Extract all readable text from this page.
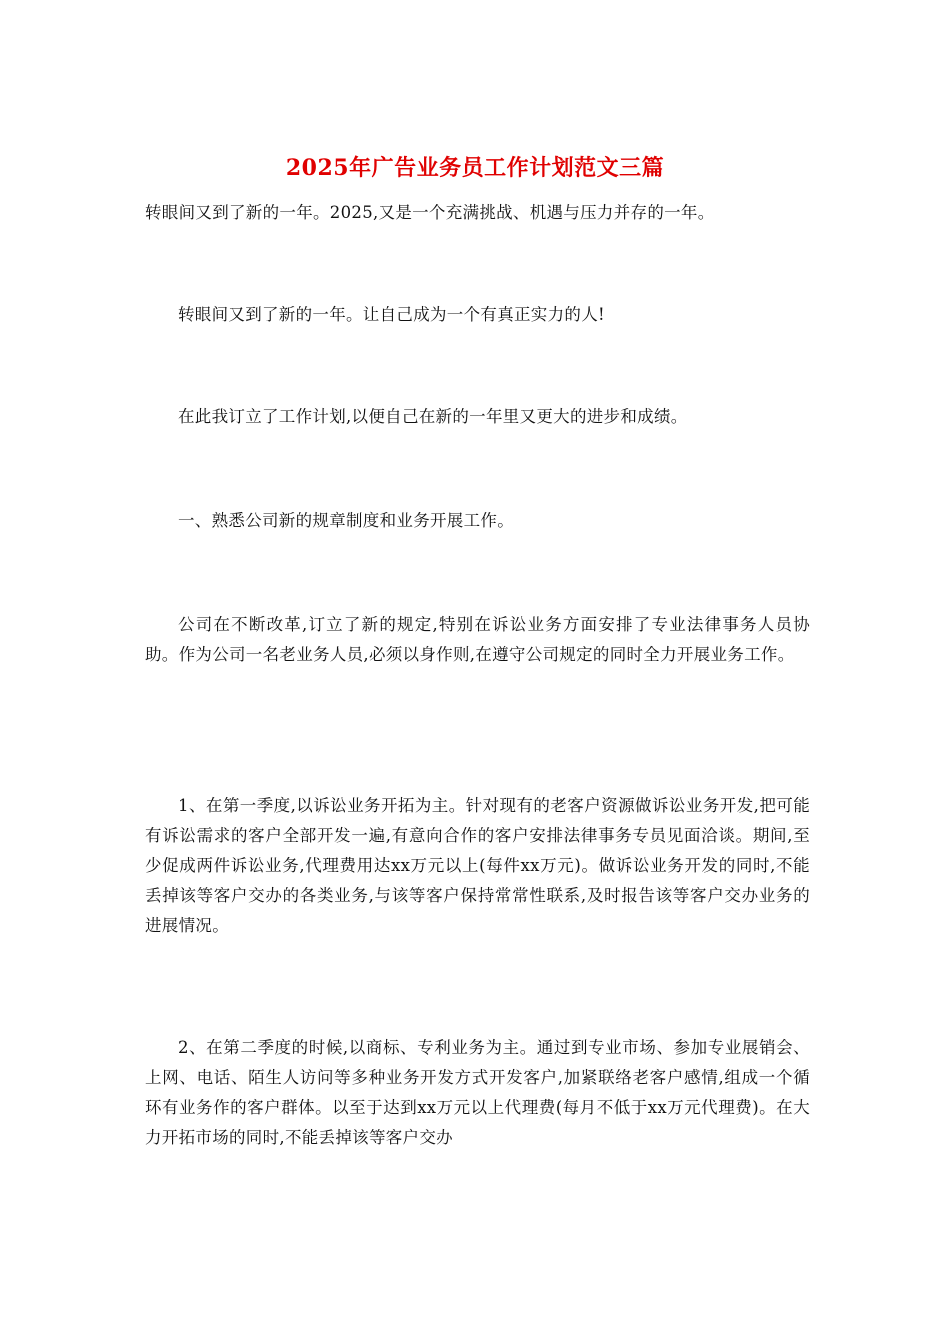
2025年广告业务员工作计划范文三篇
转眼间又到了新的一年。2025,又是一个充满挑战、机遇与压力并存的一年。
转眼间又到了新的一年。让自己成为一个有真正实力的人!
在此我订立了工作计划,以便自己在新的一年里又更大的进步和成绩。
一、熟悉公司新的规章制度和业务开展工作。
公司在不断改革,订立了新的规定,特别在诉讼业务方面安排了专业法律事务人员协助。作为公司一名老业务人员,必须以身作则,在遵守公司规定的同时全力开展业务工作。
1、在第一季度,以诉讼业务开拓为主。针对现有的老客户资源做诉讼业务开发,把可能有诉讼需求的客户全部开发一遍,有意向合作的客户安排法律事务专员见面洽谈。期间,至少促成两件诉讼业务,代理费用达xx万元以上(每件xx万元)。做诉讼业务开发的同时,不能丢掉该等客户交办的各类业务,与该等客户保持常常性联系,及时报告该等客户交办业务的进展情况。
2、在第二季度的时候,以商标、专利业务为主。通过到专业市场、参加专业展销会、上网、电话、陌生人访问等多种业务开发方式开发客户,加紧联络老客户感情,组成一个循环有业务作的客户群体。以至于达到xx万元以上代理费(每月不低于xx万元代理费)。在大力开拓市场的同时,不能丢掉该等客户交办
